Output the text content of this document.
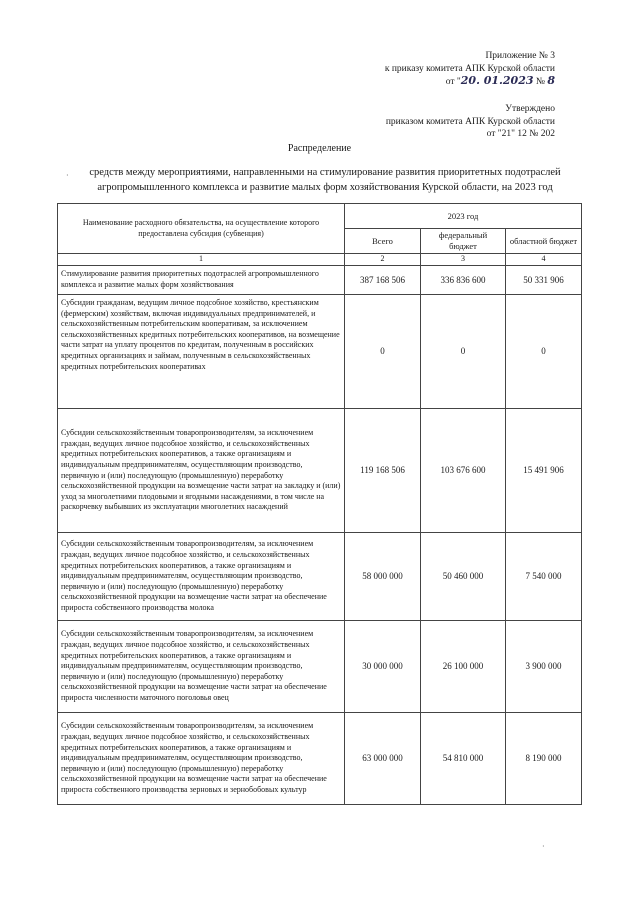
Приложение № 3
к приказу комитета АПК Курской области
от "20. 01.2023 № 8
Утверждено
приказом комитета АПК Курской области
от "21" 12 № 202
Распределение
средств между мероприятиями, направленными на стимулирование развития приоритетных подотраслей
агропромышленного комплекса и развитие малых форм хозяйствования Курской области, на 2023 год
Наименование расходного обязательства, на осуществление которого предоставлена субсидия (субвенция)	2023 год		
	Всего	федеральный бюджет	областной бюджет
1	2	3	4
Стимулирование развития приоритетных подотраслей агропромышленного комплекса и развитие малых форм хозяйствования	387 168 506	336 836 600	50 331 906
Субсидии гражданам, ведущим личное подсобное хозяйство, крестьянским (фермерским) хозяйствам, включая индивидуальных предпринимателей, и сельскохозяйственным потребительским кооперативам, за исключением сельскохозяйственных кредитных потребительских кооперативов, на возмещение части затрат на уплату процентов по кредитам, полученным в российских кредитных организациях и займам, полученным в сельскохозяйственных кредитных потребительских кооперативах	0	0	0
Субсидии сельскохозяйственным товаропроизводителям, за исключением граждан, ведущих личное подсобное хозяйство, и сельскохозяйственных кредитных потребительских кооперативов, а также организациям и индивидуальным предпринимателям, осуществляющим производство, первичную и (или) последующую (промышленную) переработку сельскохозяйственной продукции на возмещение части затрат на закладку и (или) уход за многолетними плодовыми и ягодными насаждениями, в том числе на раскорчевку выбывших из эксплуатации многолетних насаждений	119 168 506	103 676 600	15 491 906
Субсидии сельскохозяйственным товаропроизводителям, за исключением граждан, ведущих личное подсобное хозяйство, и сельскохозяйственных кредитных потребительских кооперативов, а также организациям и индивидуальным предпринимателям, осуществляющим производство, первичную и (или) последующую (промышленную) переработку сельскохозяйственной продукции на возмещение части затрат на обеспечение прироста собственного производства молока	58 000 000	50 460 000	7 540 000
Субсидии сельскохозяйственным товаропроизводителям, за исключением граждан, ведущих личное подсобное хозяйство, и сельскохозяйственных кредитных потребительских кооперативов, а также организациям и индивидуальным предпринимателям, осуществляющим производство, первичную и (или) последующую (промышленную) переработку сельскохозяйственной продукции на возмещение части затрат на обеспечение прироста численности маточного поголовья овец	30 000 000	26 100 000	3 900 000
Субсидии сельскохозяйственным товаропроизводителям, за исключением граждан, ведущих личное подсобное хозяйство, и сельскохозяйственных кредитных потребительских кооперативов, а также организациям и индивидуальным предпринимателям, осуществляющим производство, первичную и (или) последующую (промышленную) переработку сельскохозяйственной продукции на возмещение части затрат на обеспечение прироста собственного производства зерновых и зернобобовых культур	63 000 000	54 810 000	8 190 000
·
·
